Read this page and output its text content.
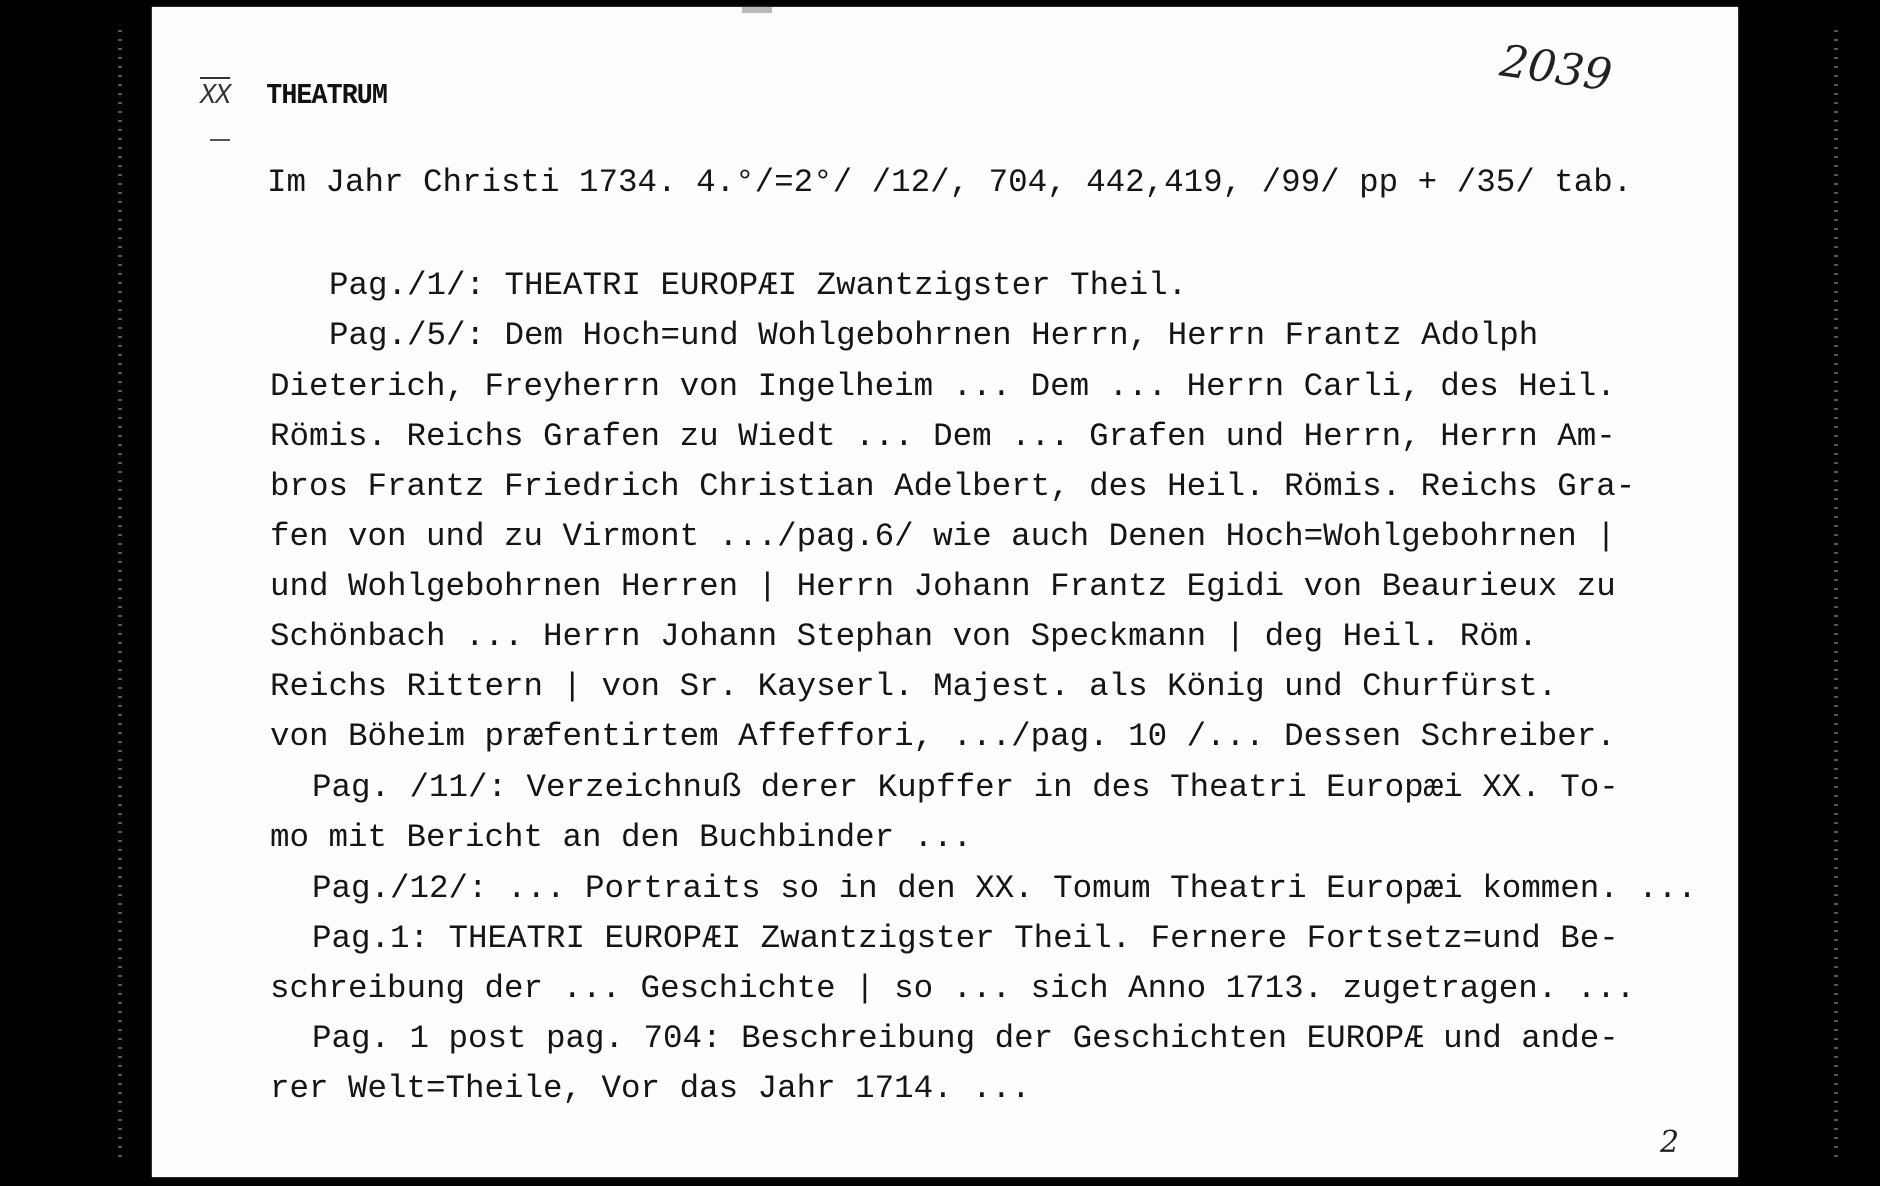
$\overline{XX}$ THEATRUM	2039
Im Jahr Christi 1734. 4.°/=2°/ /12/, 704, 442,419, /99/ pp + /35/ tab.
Pag./1/: THEATRI EUROPÆI Zwantzigster Theil.
Pag./5/: Dem Hoch=und Wohlgebohrnen Herrn, Herrn Frantz Adolph
Dieterich, Freyherrn von Ingelheim ... Dem ... Herrn Carli, des Heil.
Römis. Reichs Grafen zu Wiedt ... Dem ... Grafen und Herrn, Herrn Am-
bros Frantz Friedrich Christian Adelbert, des Heil. Römis. Reichs Gra-
fen von und zu Virmont .../pag.6/ wie auch Denen Hoch=Wohlgebohrnen |
und Wohlgebohrnen Herren | Herrn Johann Frantz Egidi von Beaurieux zu
Schönbach ... Herrn Johann Stephan von Speckmann | deg Heil. Röm.
Reichs Rittern | von Sr. Kayserl. Majest. als König und Churfürst.
von Böheim præfentirtem Affeffori, .../pag. 10 /... Dessen Schreiber.
Pag. /11/: Verzeichnuß derer Kupffer in des Theatri Europæi XX. To-
mo mit Bericht an den Buchbinder ...
Pag./12/: ... Portraits so in den XX. Tomum Theatri Europæi kommen. ...
Pag.1: THEATRI EUROPÆI Zwantzigster Theil. Fernere Fortsetz=und Be-
schreibung der ... Geschichte | so ... sich Anno 1713. zugetragen. ...
Pag. 1 post pag. 704: Beschreibung der Geschichten EUROPÆ und ande-
rer Welt=Theile, Vor das Jahr 1714. ...
2
